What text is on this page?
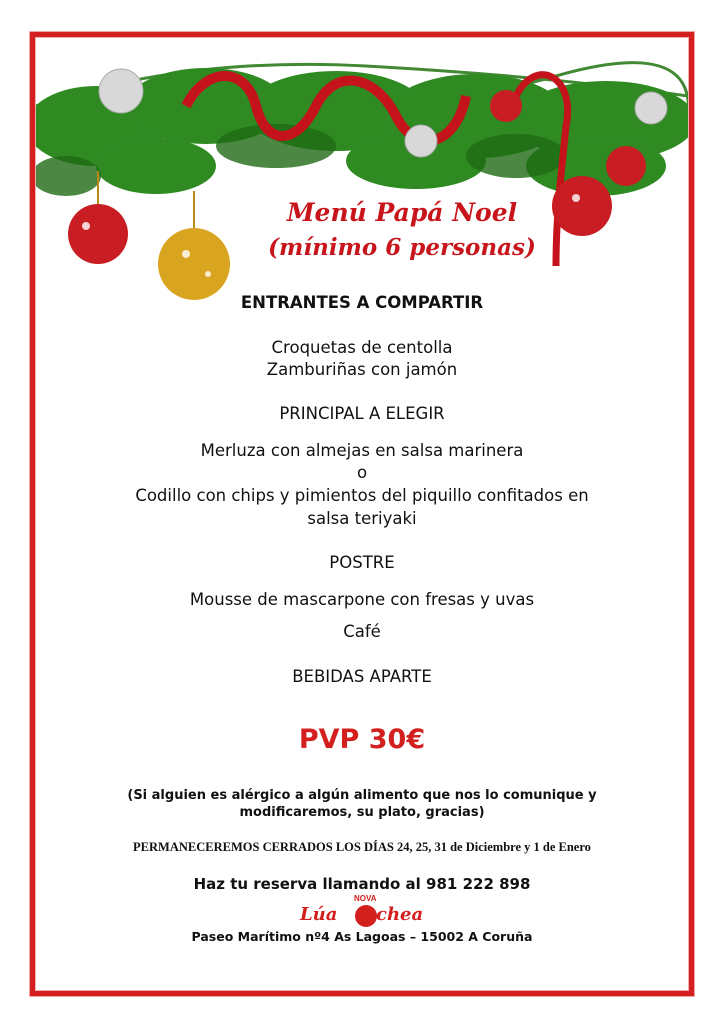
Menú Papá Noel
(mínimo 6 personas)
ENTRANTES A COMPARTIR
Croquetas de centolla
Zamburiñas con jamón
PRINCIPAL A ELEGIR
Merluza con almejas en salsa marinera
o
Codillo con chips y pimientos del piquillo confitados en
salsa teriyaki
POSTRE
Mousse de mascarpone con fresas y uvas
Café
BEBIDAS APARTE
PVP 30€
(Si alguien es alérgico a algún alimento que nos lo comunique y
modificaremos, su plato, gracias)
PERMANECEREMOS CERRADOS LOS DÍAS 24, 25, 31 de Diciembre y 1 de Enero
Haz tu reserva llamando al 981 222 898
NOVA
Lúa chea
Paseo Marítimo nº4 As Lagoas – 15002 A Coruña
